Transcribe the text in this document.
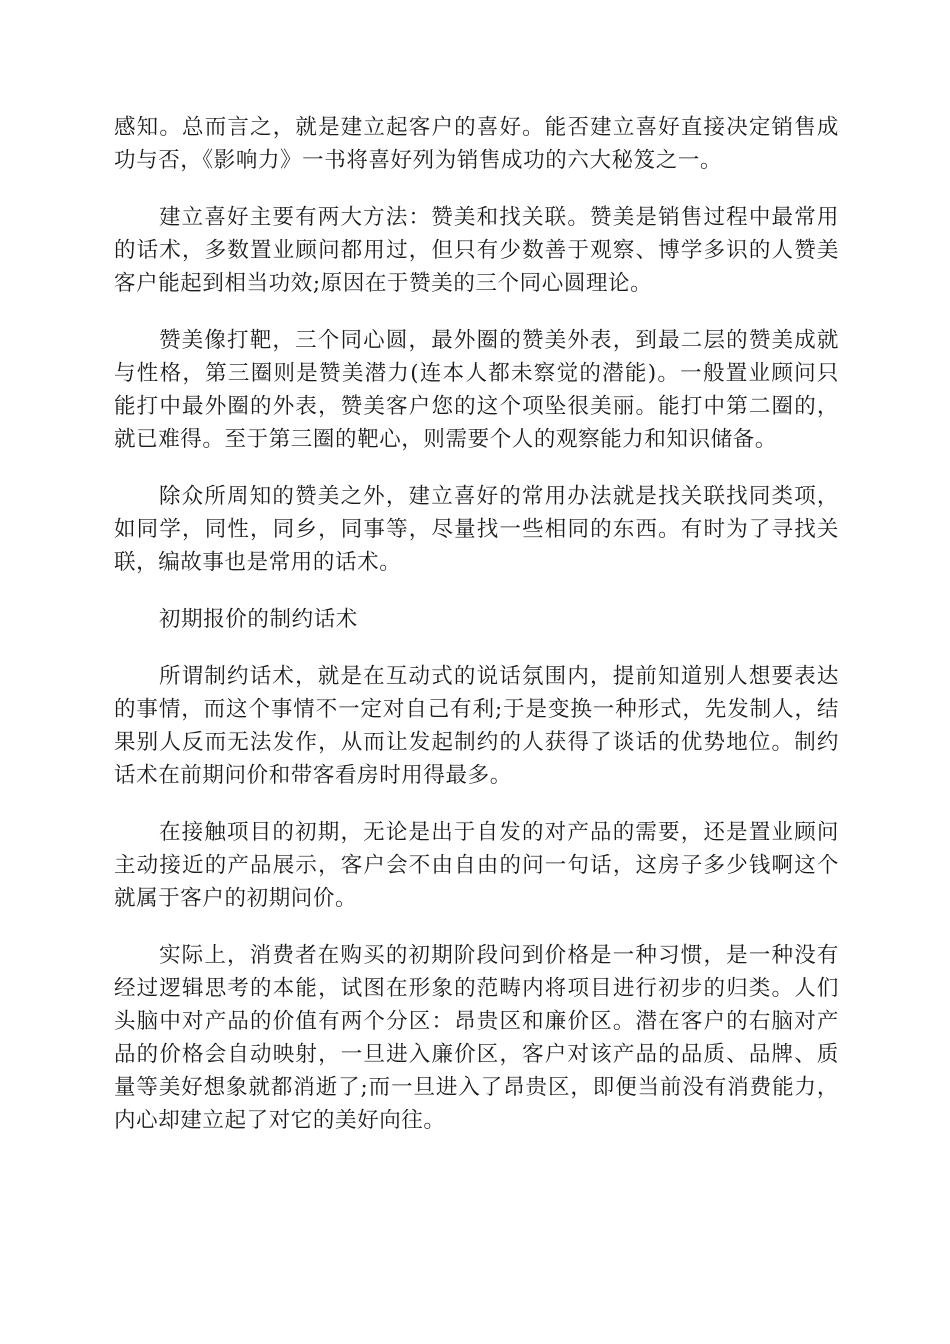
感知。总而言之，就是建立起客户的喜好。能否建立喜好直接决定销售成功与否，《影响力》一书将喜好列为销售成功的六大秘笈之一。

建立喜好主要有两大方法：赞美和找关联。赞美是销售过程中最常用的话术，多数置业顾问都用过，但只有少数善于观察、博学多识的人赞美客户能起到相当功效;原因在于赞美的三个同心圆理论。

赞美像打靶，三个同心圆，最外圈的赞美外表，到最二层的赞美成就与性格，第三圈则是赞美潜力(连本人都未察觉的潜能)。一般置业顾问只能打中最外圈的外表，赞美客户您的这个项坠很美丽。能打中第二圈的，就已难得。至于第三圈的靶心，则需要个人的观察能力和知识储备。

除众所周知的赞美之外，建立喜好的常用办法就是找关联找同类项，如同学，同性，同乡，同事等，尽量找一些相同的东西。有时为了寻找关联，编故事也是常用的话术。

初期报价的制约话术

所谓制约话术，就是在互动式的说话氛围内，提前知道别人想要表达的事情，而这个事情不一定对自己有利;于是变换一种形式，先发制人，结果别人反而无法发作，从而让发起制约的人获得了谈话的优势地位。制约话术在前期问价和带客看房时用得最多。

在接触项目的初期，无论是出于自发的对产品的需要，还是置业顾问主动接近的产品展示，客户会不由自由的问一句话，这房子多少钱啊这个就属于客户的初期问价。

实际上，消费者在购买的初期阶段问到价格是一种习惯，是一种没有经过逻辑思考的本能，试图在形象的范畴内将项目进行初步的归类。人们头脑中对产品的价值有两个分区：昂贵区和廉价区。潜在客户的右脑对产品的价格会自动映射，一旦进入廉价区，客户对该产品的品质、品牌、质量等美好想象就都消逝了;而一旦进入了昂贵区，即便当前没有消费能力，内心却建立起了对它的美好向往。
